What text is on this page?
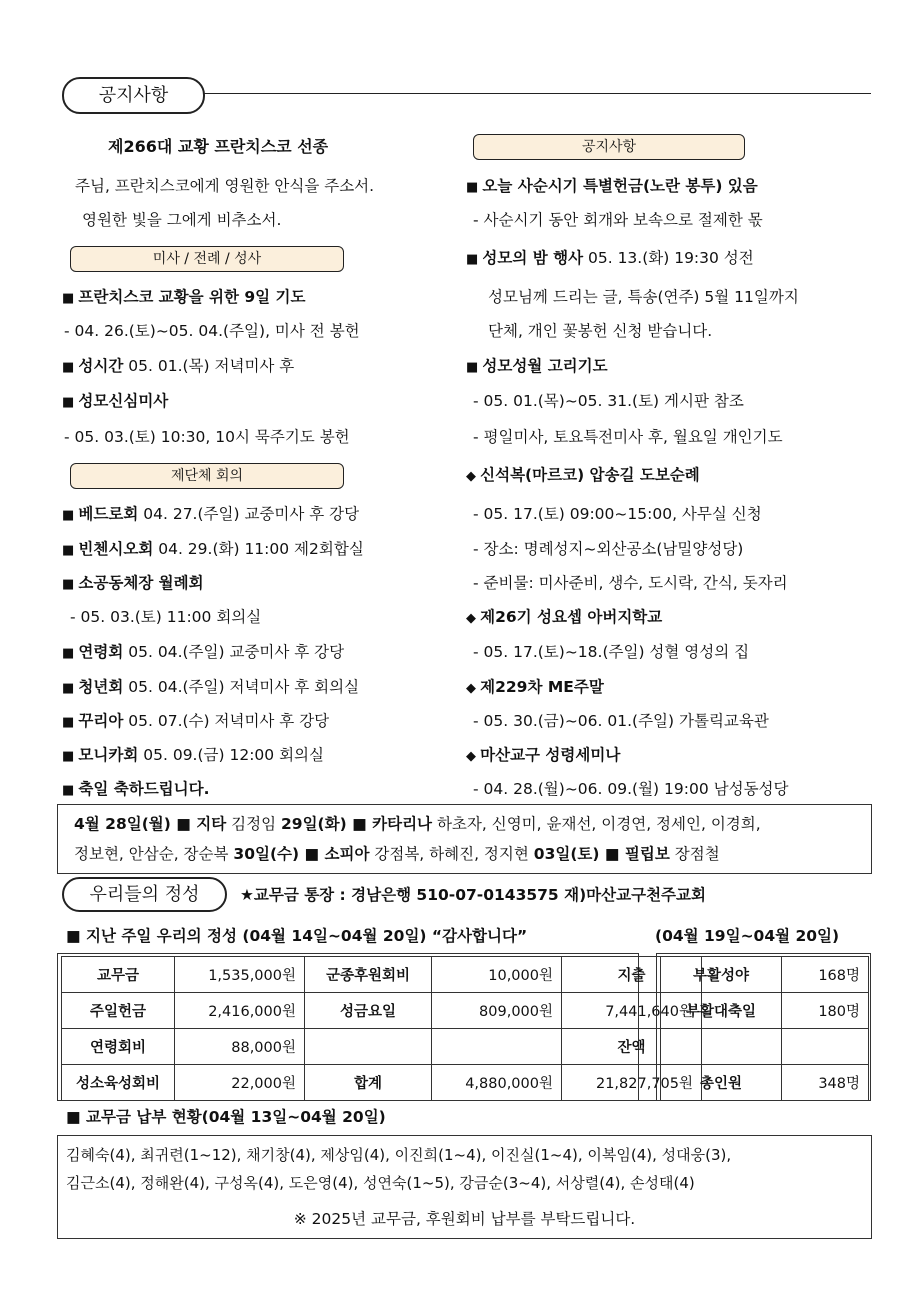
공지사항
제266대 교황 프란치스코 선종
주님, 프란치스코에게 영원한 안식을 주소서.
영원한 빛을 그에게 비추소서.
미사 / 전례 / 성사
■ 프란치스코 교황을 위한 9일 기도
- 04. 26.(토)~05. 04.(주일), 미사 전 봉헌
■ 성시간 05. 01.(목) 저녁미사 후
■ 성모신심미사
- 05. 03.(토) 10:30, 10시 묵주기도 봉헌
제단체 회의
■ 베드로회 04. 27.(주일) 교중미사 후 강당
■ 빈첸시오회 04. 29.(화) 11:00 제2회합실
■ 소공동체장 월례회
- 05. 03.(토) 11:00 회의실
■ 연령회 05. 04.(주일) 교중미사 후 강당
■ 청년회 05. 04.(주일) 저녁미사 후 회의실
■ 꾸리아 05. 07.(수) 저녁미사 후 강당
■ 모니카회 05. 09.(금) 12:00 회의실
■ 축일 축하드립니다.
공지사항
■ 오늘 사순시기 특별헌금(노란 봉투) 있음
- 사순시기 동안 회개와 보속으로 절제한 몫
■ 성모의 밤 행사 05. 13.(화) 19:30 성전
성모님께 드리는 글, 특송(연주) 5월 11일까지
단체, 개인 꽃봉헌 신청 받습니다.
■ 성모성월 고리기도
- 05. 01.(목)~05. 31.(토) 게시판 참조
- 평일미사, 토요특전미사 후, 월요일 개인기도
◆ 신석복(마르코) 압송길 도보순례
- 05. 17.(토) 09:00~15:00, 사무실 신청
- 장소: 명례성지~외산공소(남밀양성당)
- 준비물: 미사준비, 생수, 도시락, 간식, 돗자리
◆ 제26기 성요셉 아버지학교
- 05. 17.(토)~18.(주일) 성혈 영성의 집
◆ 제229차 ME주말
- 05. 30.(금)~06. 01.(주일) 가톨릭교육관
◆ 마산교구 성령세미나
- 04. 28.(월)~06. 09.(월) 19:00 남성동성당
4월 28일(월) ■ 지타 김정임 29일(화) ■ 카타리나 하초자, 신영미, 윤재선, 이경연, 정세인, 이경희,
정보현, 안삼순, 장순복 30일(수) ■ 소피아 강점복, 하혜진, 정지현 03일(토) ■ 필립보 장점철
우리들의 정성	★교무금 통장 : 경남은행 510-07-0143575 재)마산교구천주교회
■ 지난 주일 우리의 정성 (04월 14일~04월 20일) “감사합니다”	(04월 19일~04월 20일)
교무금	1,535,000원	군종후원회비	10,000원	지출
주일헌금	2,416,000원	성금요일	809,000원	7,441,640원
연령회비	88,000원			잔액
성소육성회비	22,000원	합계	4,880,000원	21,827,705원
부활성야	168명
부활대축일	180명

총인원	348명
■ 교무금 납부 현황(04월 13일~04월 20일)
김혜숙(4), 최귀련(1~12), 채기창(4), 제상임(4), 이진희(1~4), 이진실(1~4), 이복임(4), 성대웅(3),
김근소(4), 정해완(4), 구성옥(4), 도은영(4), 성연숙(1~5), 강금순(3~4), 서상렬(4), 손성태(4)
※ 2025년 교무금, 후원회비 납부를 부탁드립니다.
